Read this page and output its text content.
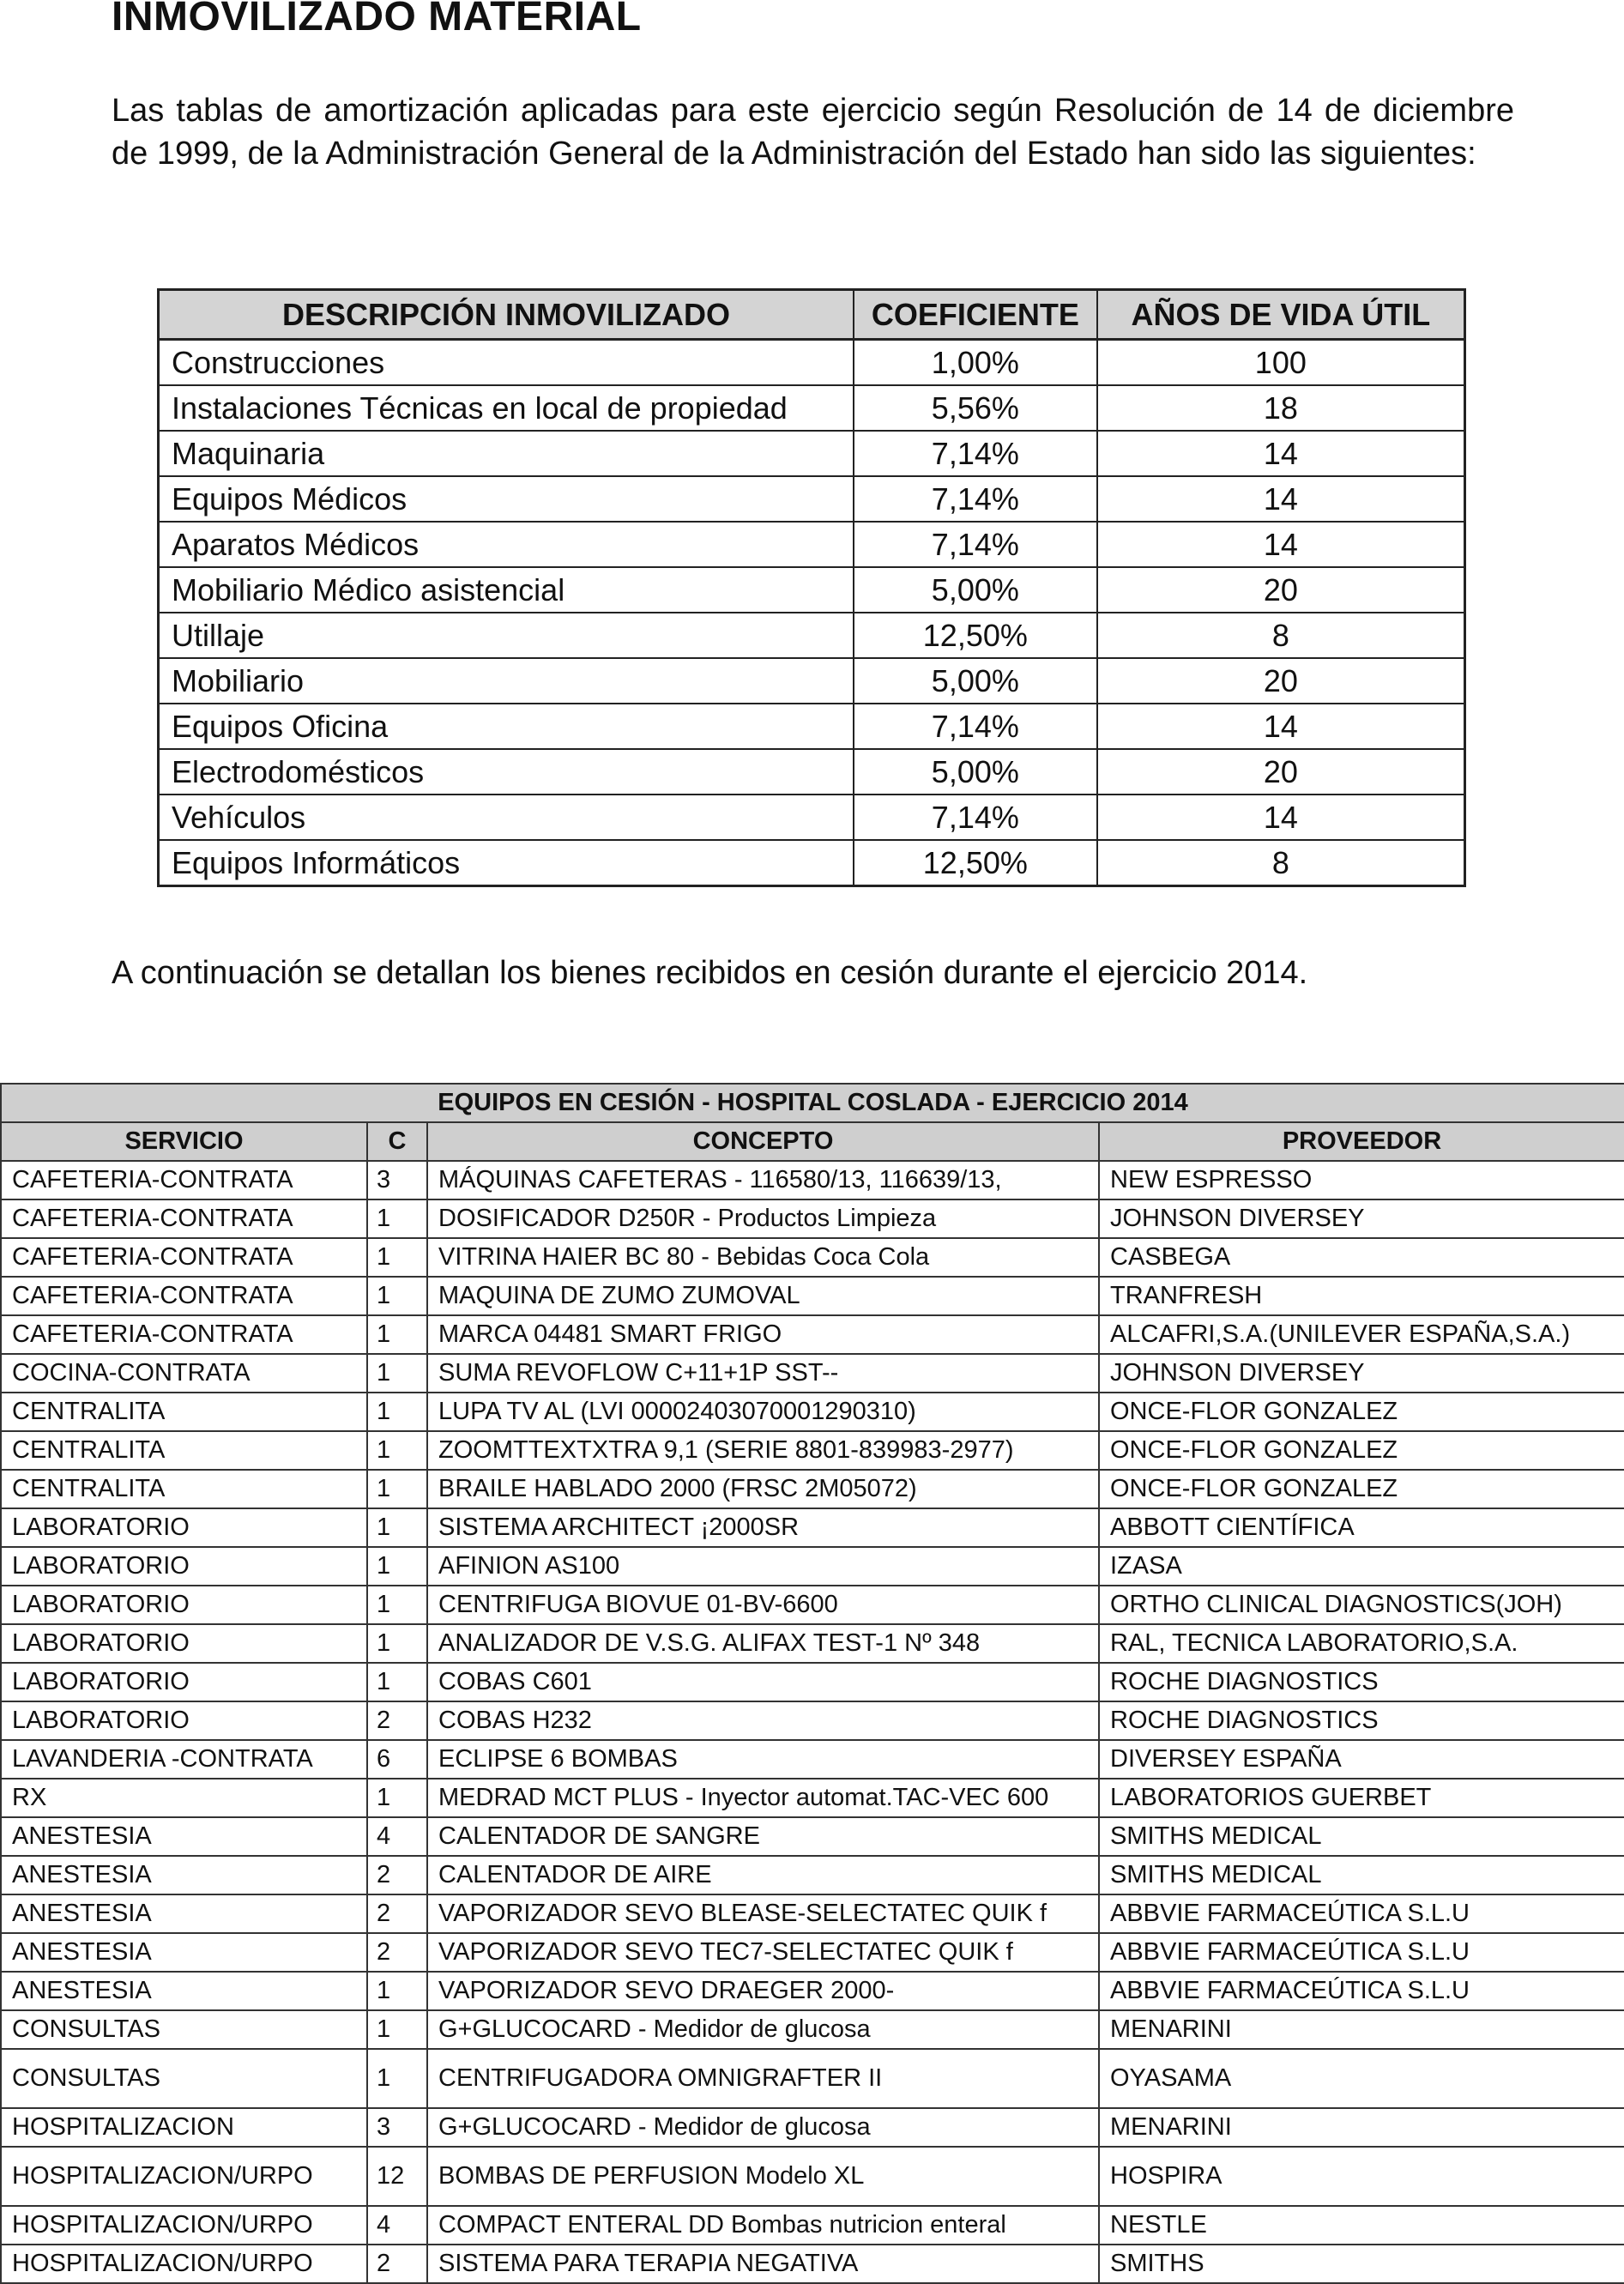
INMOVILIZADO MATERIAL

Las tablas de amortización aplicadas para este ejercicio según Resolución de 14 de diciembre de 1999, de la Administración General de la Administración del Estado han sido las siguientes:

DESCRIPCIÓN INMOVILIZADO	COEFICIENTE	AÑOS DE VIDA ÚTIL
Construcciones	1,00%	100
Instalaciones Técnicas en local de propiedad	5,56%	18
Maquinaria	7,14%	14
Equipos Médicos	7,14%	14
Aparatos Médicos	7,14%	14
Mobiliario Médico asistencial	5,00%	20
Utillaje	12,50%	8
Mobiliario	5,00%	20
Equipos Oficina	7,14%	14
Electrodomésticos	5,00%	20
Vehículos	7,14%	14
Equipos Informáticos	12,50%	8

A continuación se detallan los bienes recibidos en cesión durante el ejercicio 2014.

EQUIPOS EN CESIÓN - HOSPITAL COSLADA - EJERCICIO 2014			
SERVICIO	C	CONCEPTO	PROVEEDOR
CAFETERIA-CONTRATA	3	MÁQUINAS CAFETERAS - 116580/13, 116639/13,	NEW ESPRESSO
CAFETERIA-CONTRATA	1	DOSIFICADOR D250R - Productos Limpieza	JOHNSON DIVERSEY
CAFETERIA-CONTRATA	1	VITRINA HAIER BC 80 - Bebidas Coca Cola	CASBEGA
CAFETERIA-CONTRATA	1	MAQUINA DE ZUMO ZUMOVAL	TRANFRESH
CAFETERIA-CONTRATA	1	MARCA 04481 SMART FRIGO	ALCAFRI,S.A.(UNILEVER ESPAÑA,S.A.)
COCINA-CONTRATA	1	SUMA REVOFLOW C+11+1P SST--	JOHNSON DIVERSEY
CENTRALITA	1	LUPA TV AL (LVI 00002403070001290310)	ONCE-FLOR GONZALEZ
CENTRALITA	1	ZOOMTTEXTXTRA 9,1 (SERIE 8801-839983-2977)	ONCE-FLOR GONZALEZ
CENTRALITA	1	BRAILE HABLADO 2000 (FRSC 2M05072)	ONCE-FLOR GONZALEZ
LABORATORIO	1	SISTEMA ARCHITECT ¡2000SR	ABBOTT CIENTÍFICA
LABORATORIO	1	AFINION AS100	IZASA
LABORATORIO	1	CENTRIFUGA BIOVUE 01-BV-6600	ORTHO CLINICAL DIAGNOSTICS(JOH)
LABORATORIO	1	ANALIZADOR DE V.S.G. ALIFAX TEST-1 Nº 348	RAL, TECNICA LABORATORIO,S.A.
LABORATORIO	1	COBAS C601	ROCHE DIAGNOSTICS
LABORATORIO	2	COBAS H232	ROCHE DIAGNOSTICS
LAVANDERIA -CONTRATA	6	ECLIPSE 6 BOMBAS	DIVERSEY ESPAÑA
RX	1	MEDRAD MCT PLUS - Inyector automat.TAC-VEC 600	LABORATORIOS GUERBET
ANESTESIA	4	CALENTADOR DE SANGRE	SMITHS MEDICAL
ANESTESIA	2	CALENTADOR DE AIRE	SMITHS MEDICAL
ANESTESIA	2	VAPORIZADOR SEVO BLEASE-SELECTATEC QUIK f	ABBVIE FARMACEÚTICA S.L.U
ANESTESIA	2	VAPORIZADOR SEVO TEC7-SELECTATEC QUIK f	ABBVIE FARMACEÚTICA S.L.U
ANESTESIA	1	VAPORIZADOR SEVO DRAEGER 2000-	ABBVIE FARMACEÚTICA S.L.U
CONSULTAS	1	G+GLUCOCARD - Medidor de glucosa	MENARINI
CONSULTAS	1	CENTRIFUGADORA OMNIGRAFTER II	OYASAMA
HOSPITALIZACION	3	G+GLUCOCARD - Medidor de glucosa	MENARINI
HOSPITALIZACION/URPO	12	BOMBAS DE PERFUSION Modelo XL	HOSPIRA
HOSPITALIZACION/URPO	4	COMPACT ENTERAL DD Bombas nutricion enteral	NESTLE
HOSPITALIZACION/URPO	2	SISTEMA PARA TERAPIA NEGATIVA	SMITHS
